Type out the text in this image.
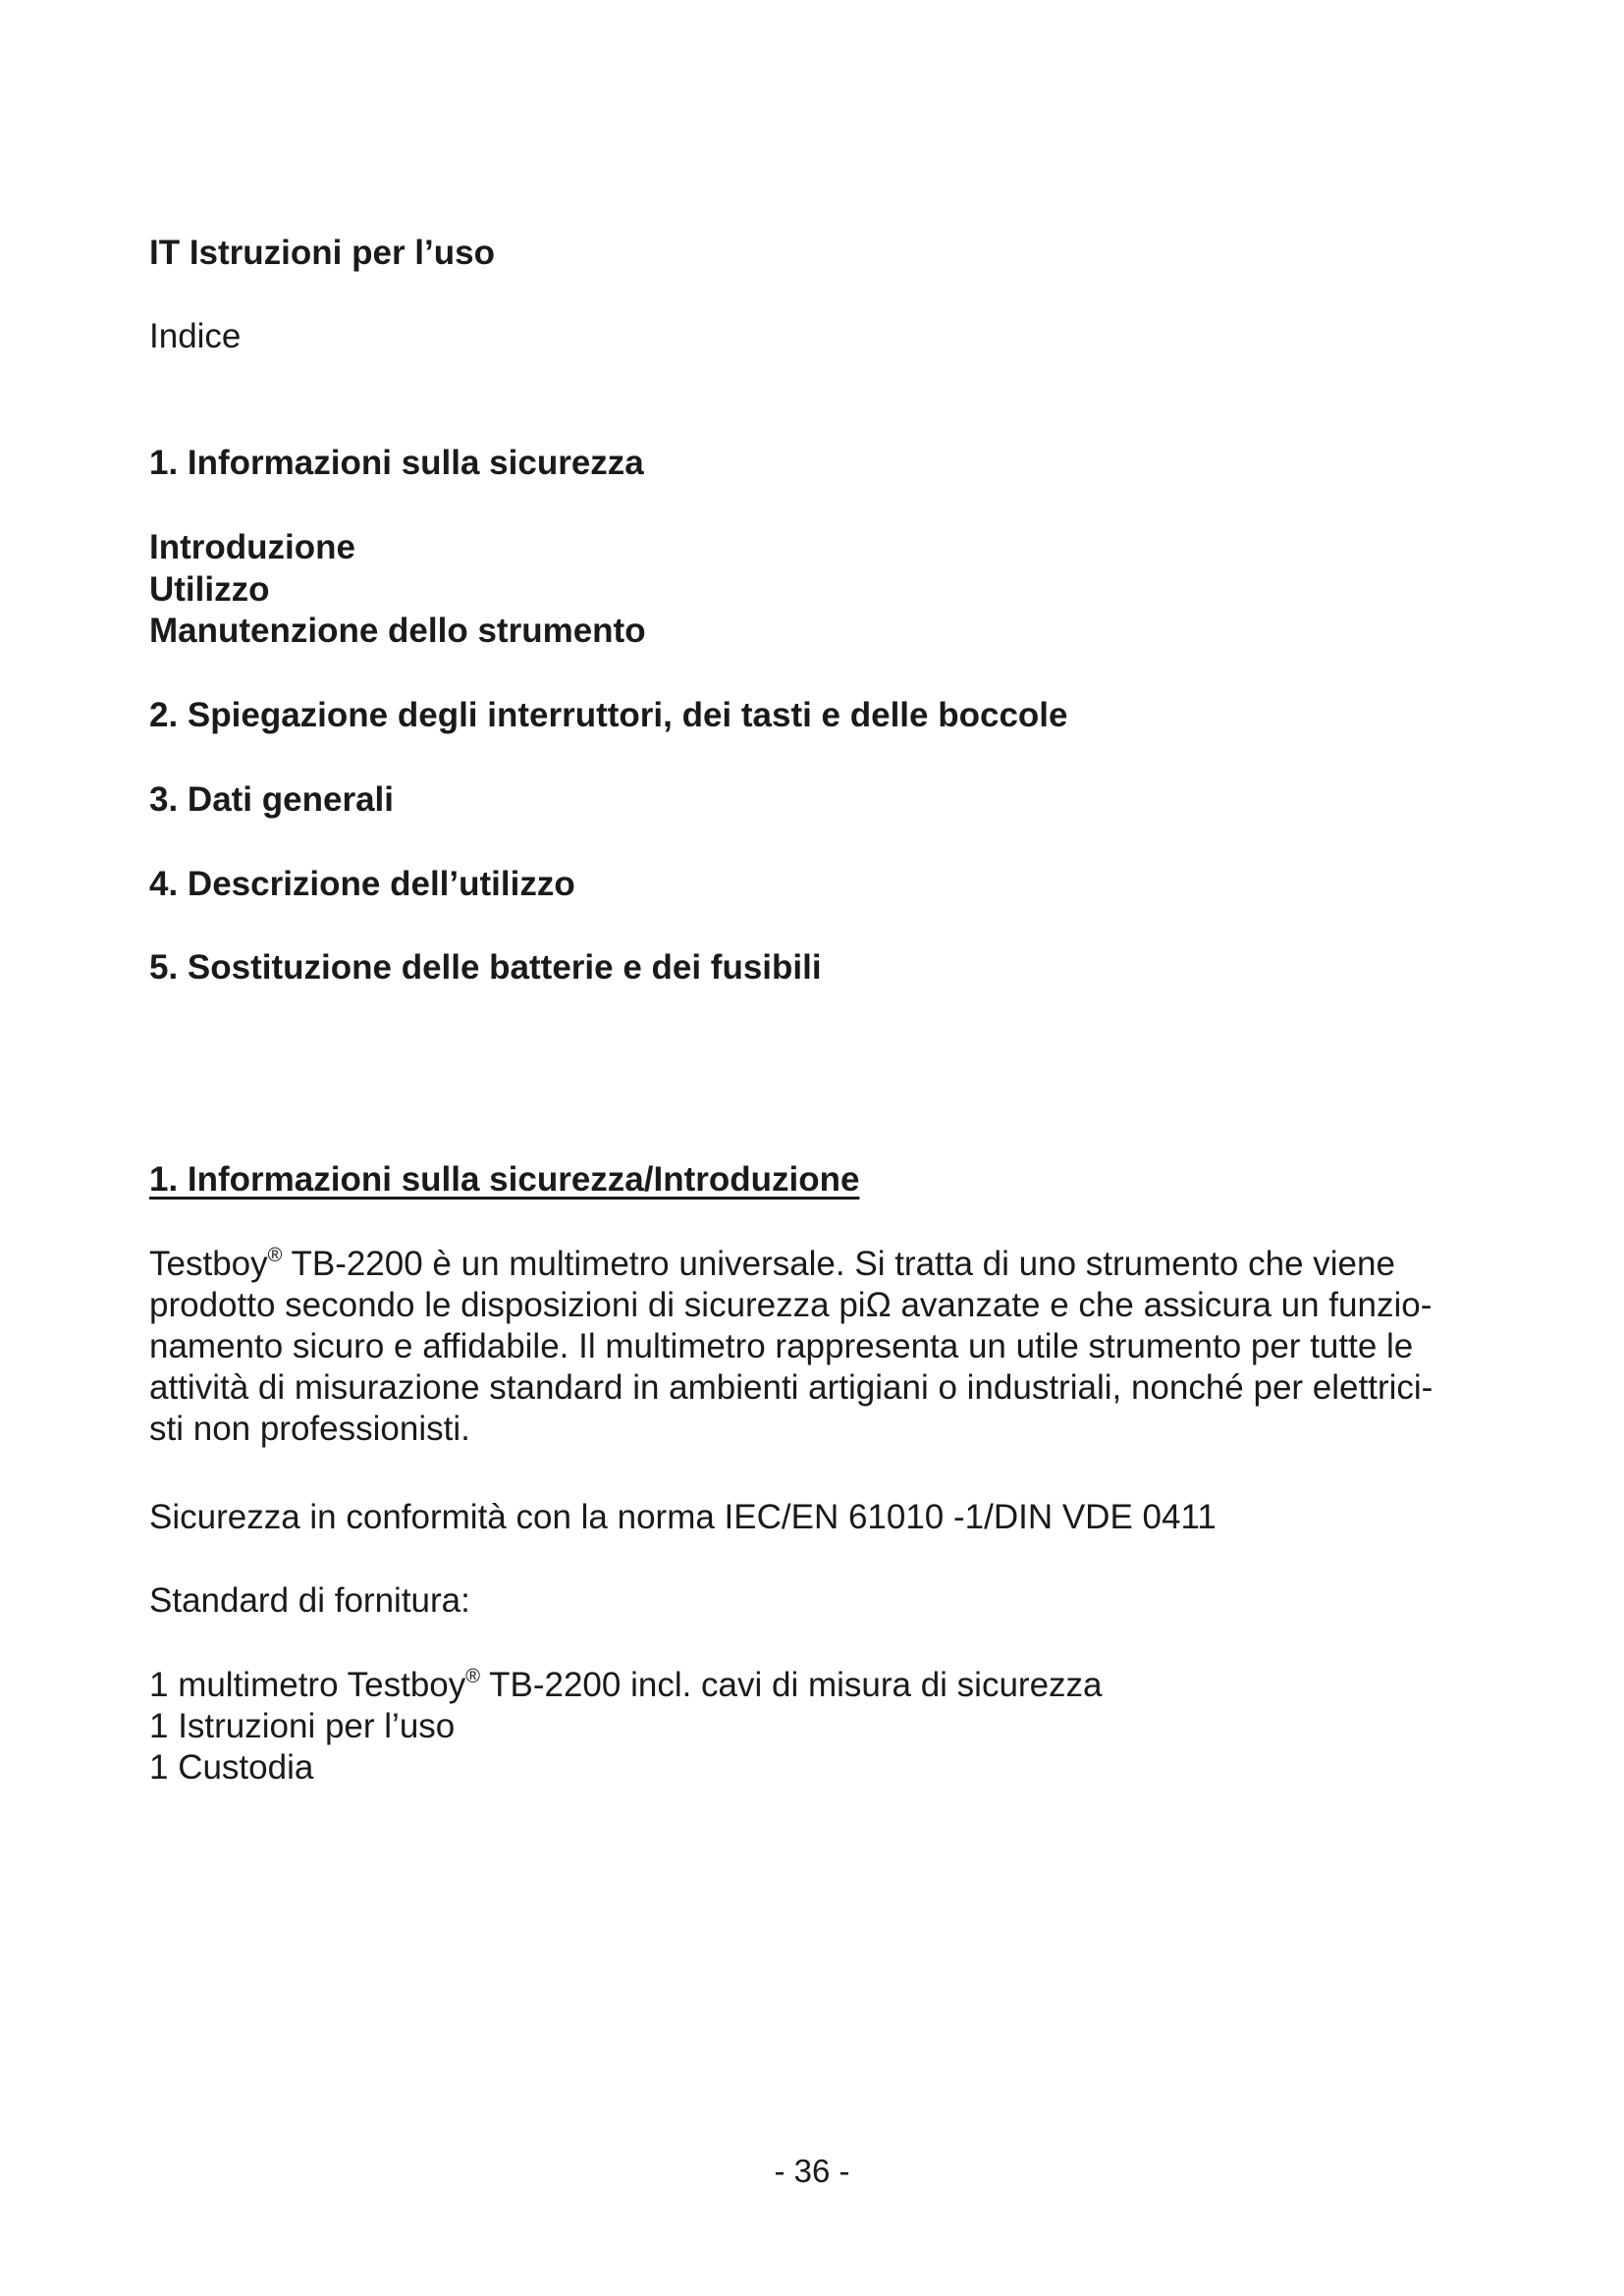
IT Istruzioni per l’uso

Indice

1. Informazioni sulla sicurezza

Introduzione

Utilizzo

Manutenzione dello strumento

2. Spiegazione degli interruttori, dei tasti e delle boccole

3. Dati generali

4. Descrizione dell’utilizzo

5. Sostituzione delle batterie e dei fusibili

1. Informazioni sulla sicurezza/Introduzione

Testboy® TB-2200 è un multimetro universale. Si tratta di uno strumento che viene
prodotto secondo le disposizioni di sicurezza piΩ avanzate e che assicura un funzio-
namento sicuro e affidabile. Il multimetro rappresenta un utile strumento per tutte le
attività di misurazione standard in ambienti artigiani o industriali, nonché per elettrici-
sti non professionisti.

Sicurezza in conformità con la norma IEC/EN 61010 -1/DIN VDE 0411

Standard di fornitura:

1 multimetro Testboy® TB-2200 incl. cavi di misura di sicurezza
1 Istruzioni per l’uso
1 Custodia
- 36 -
